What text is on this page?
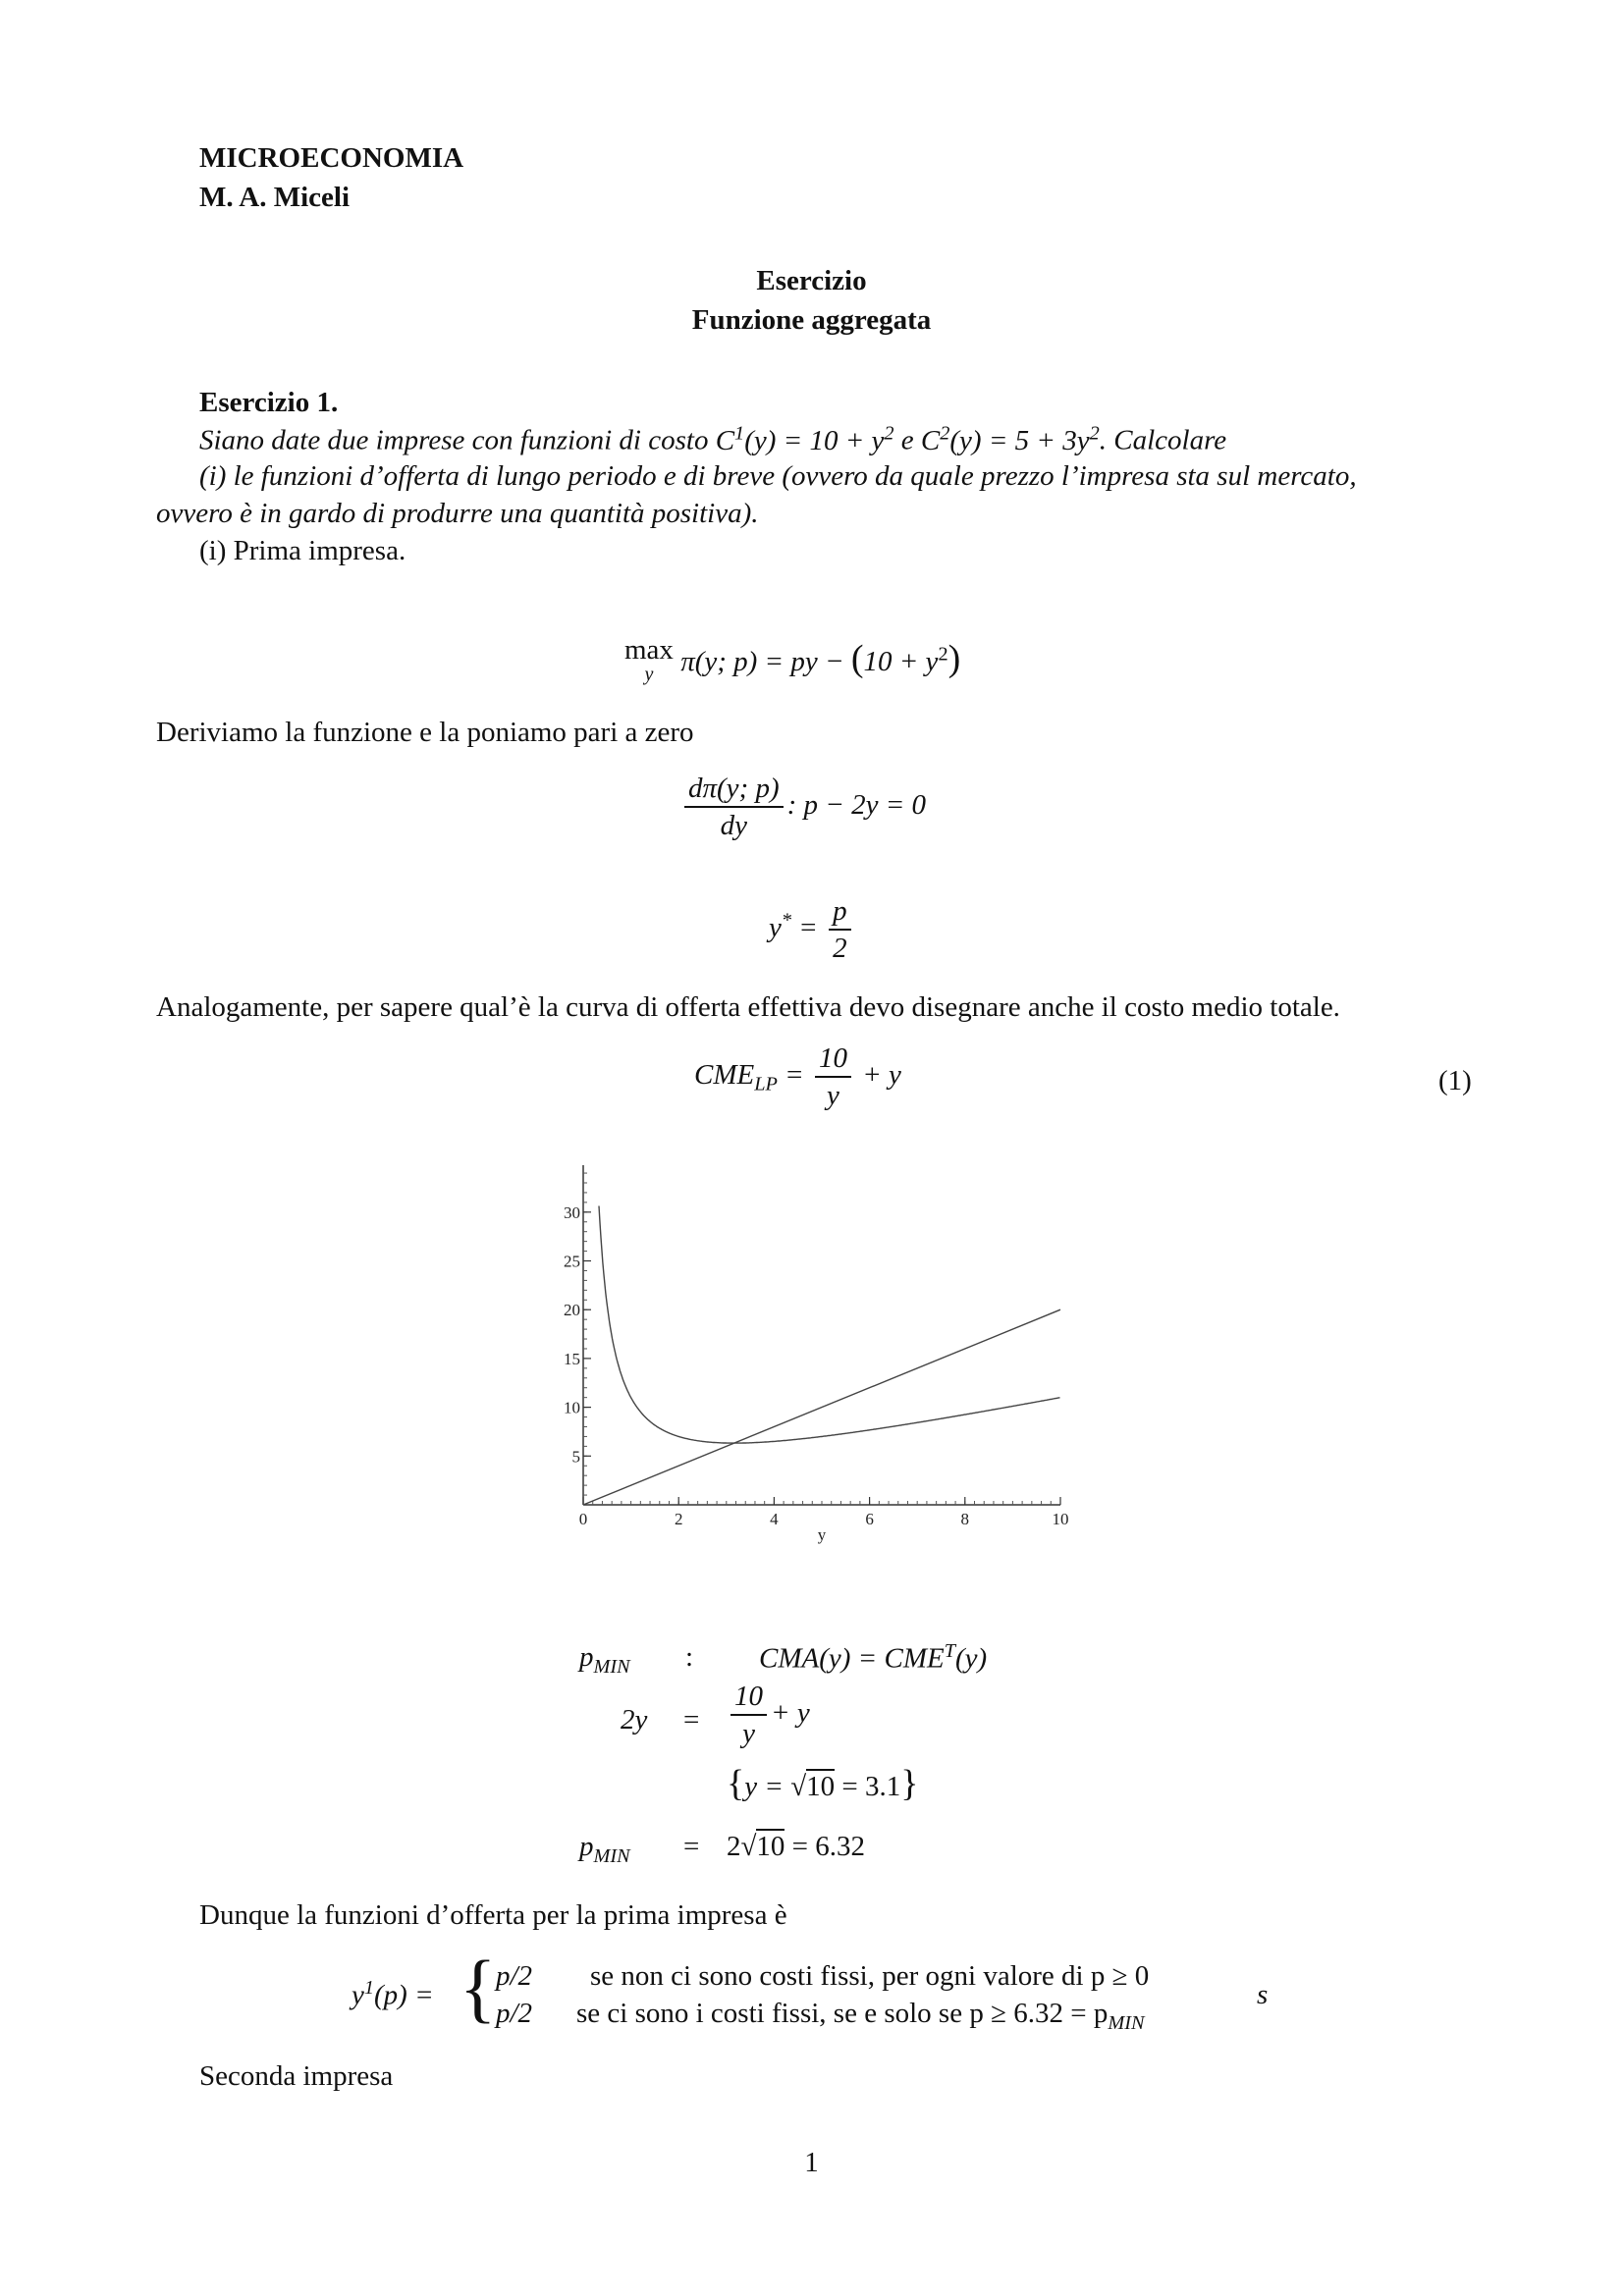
MICROECONOMIA
M. A. Miceli
Esercizio
Funzione aggregata
Esercizio 1.
Siano date due imprese con funzioni di costo $C^1(y) = 10 + y^2$ e $C^2(y) = 5 + 3y^2$. Calcolare
(i) le funzioni d’offerta di lungo periodo e di breve (ovvero da quale prezzo l’impresa sta sul mercato,
ovvero è in gardo di produrre una quantità positiva).
(i) Prima impresa.
max
y π(y; p) = py − $(10 + y^2)$
Deriviamo la funzione e la poniamo pari a zero
$\frac{d\pi(y; p)}{dy}$ : p − 2y = 0
$y^* = \frac{p}{2}$
Analogamente, per sapere qual’è la curva di offerta effettiva devo disegnare anche il costo medio totale.
$CME_{LP} = \frac{10}{y} + y$	(1)
0	2	4	6	8	10
5
10
15
20
25
30
y
$p_{MIN}$ : $CMA(y) = CME^T(y)$
$2y = \frac{10}{y} + y$
{y = √10 = 3.1}
$p_{MIN} = 2√10 = 6.32$
Dunque la funzioni d’offerta per la prima impresa è
$y^1(p)$ = { p/2 se non ci sono costi fissi, per ogni valore di p ≥ 0
p/2 se ci sono i costi fissi, se e solo se $p \ge 6.32 = p_{MIN}$
s
Seconda impresa
1
